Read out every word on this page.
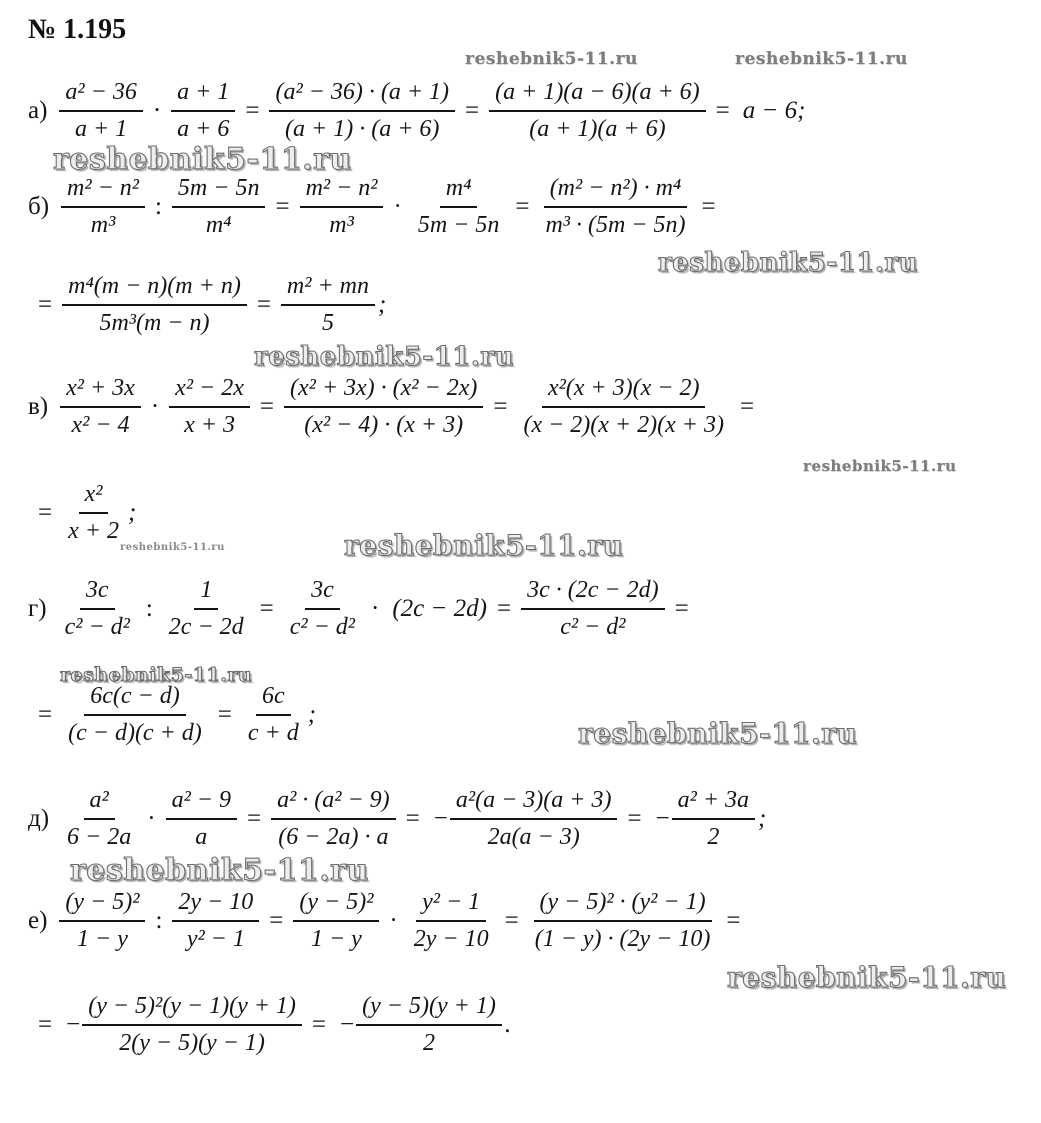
№ 1.195
$а) \frac{\text{a² − 36}}{a + 1} \cdot \frac{a + 1}{a + 6} = \frac{\text{(a² − 36) · (a + 1)}}{(a + 1) \cdot (a + 6)} = \frac{(a + 1)(a - 6)(a + 6)}{(a + 1)(a + 6)} = a - 6$;
$б) \frac{\text{m² − n²}}{\text{m³}}$ : $\frac{5m - 5n}{\text{m⁴}} = \frac{\text{m² − n²}}{\text{m³}} \cdot \frac{\text{m⁴}}{5m - 5n} = \frac{\text{(m² − n²) · m⁴}}{\text{m³ · (5m − 5n)}}$ =
= $\frac{\text{m⁴(m − n)(m + n)}}{\text{5m³(m − n)}} = \frac{\text{m² + mn}}{5}$ ;
$в) \frac{\text{x² + 3x}}{\text{x² − 4}} \cdot \frac{\text{x² − 2x}}{x + 3} = \frac{\text{(x² + 3x) · (x² − 2x)}}{\text{(x² − 4) · (x + 3)}} = \frac{\text{x²(x + 3)(x − 2)}}{(x - 2)(x + 2)(x + 3)}$ =
= $\frac{\text{x²}}{x + 2}$ ;
$г) \frac{3c}{\text{c² − d²}}$ : $\frac{1}{2c - 2d} = \frac{3c}{\text{c² − d²}} \cdot (2c - 2d) = \frac{3c \cdot (2c - 2d)}{\text{c² − d²}}$ =
= $\frac{6c(c - d)}{(c - d)(c + d)} = \frac{6c}{c + d}$ ;
$д) \frac{\text{a²}}{6 - 2a} \cdot \frac{\text{a² − 9}}{a} = \frac{\text{a² · (a² − 9)}}{(6 - 2a) \cdot a}$ = − $\frac{\text{a²(a − 3)(a + 3)}}{2a(a - 3)}$ = − $\frac{\text{a² + 3a}}{2}$ ;
$е) \frac{\text{(y − 5)²}}{1 - y}$ : $\frac{2y - 10}{\text{y² − 1}} = \frac{\text{(y − 5)²}}{1 - y} \cdot \frac{\text{y² − 1}}{2y - 10} = \frac{\text{(y − 5)² · (y² − 1)}}{(1 - y) \cdot (2y - 10)}$ =
= − $\frac{\text{(y − 5)²(y − 1)(y + 1)}}{2(y - 5)(y - 1)}$ = − $\frac{(y - 5)(y + 1)}{2}$ .
reshebnik5-11.ru	reshebnik5-11.ru
reshebnik5-11.ru
reshebnik5-11.ru
reshebnik5-11.ru
reshebnik5-11.ru
reshebnik5-11.ru	reshebnik5-11.ru
reshebnik5-11.ru
reshebnik5-11.ru
reshebnik5-11.ru
reshebnik5-11.ru
